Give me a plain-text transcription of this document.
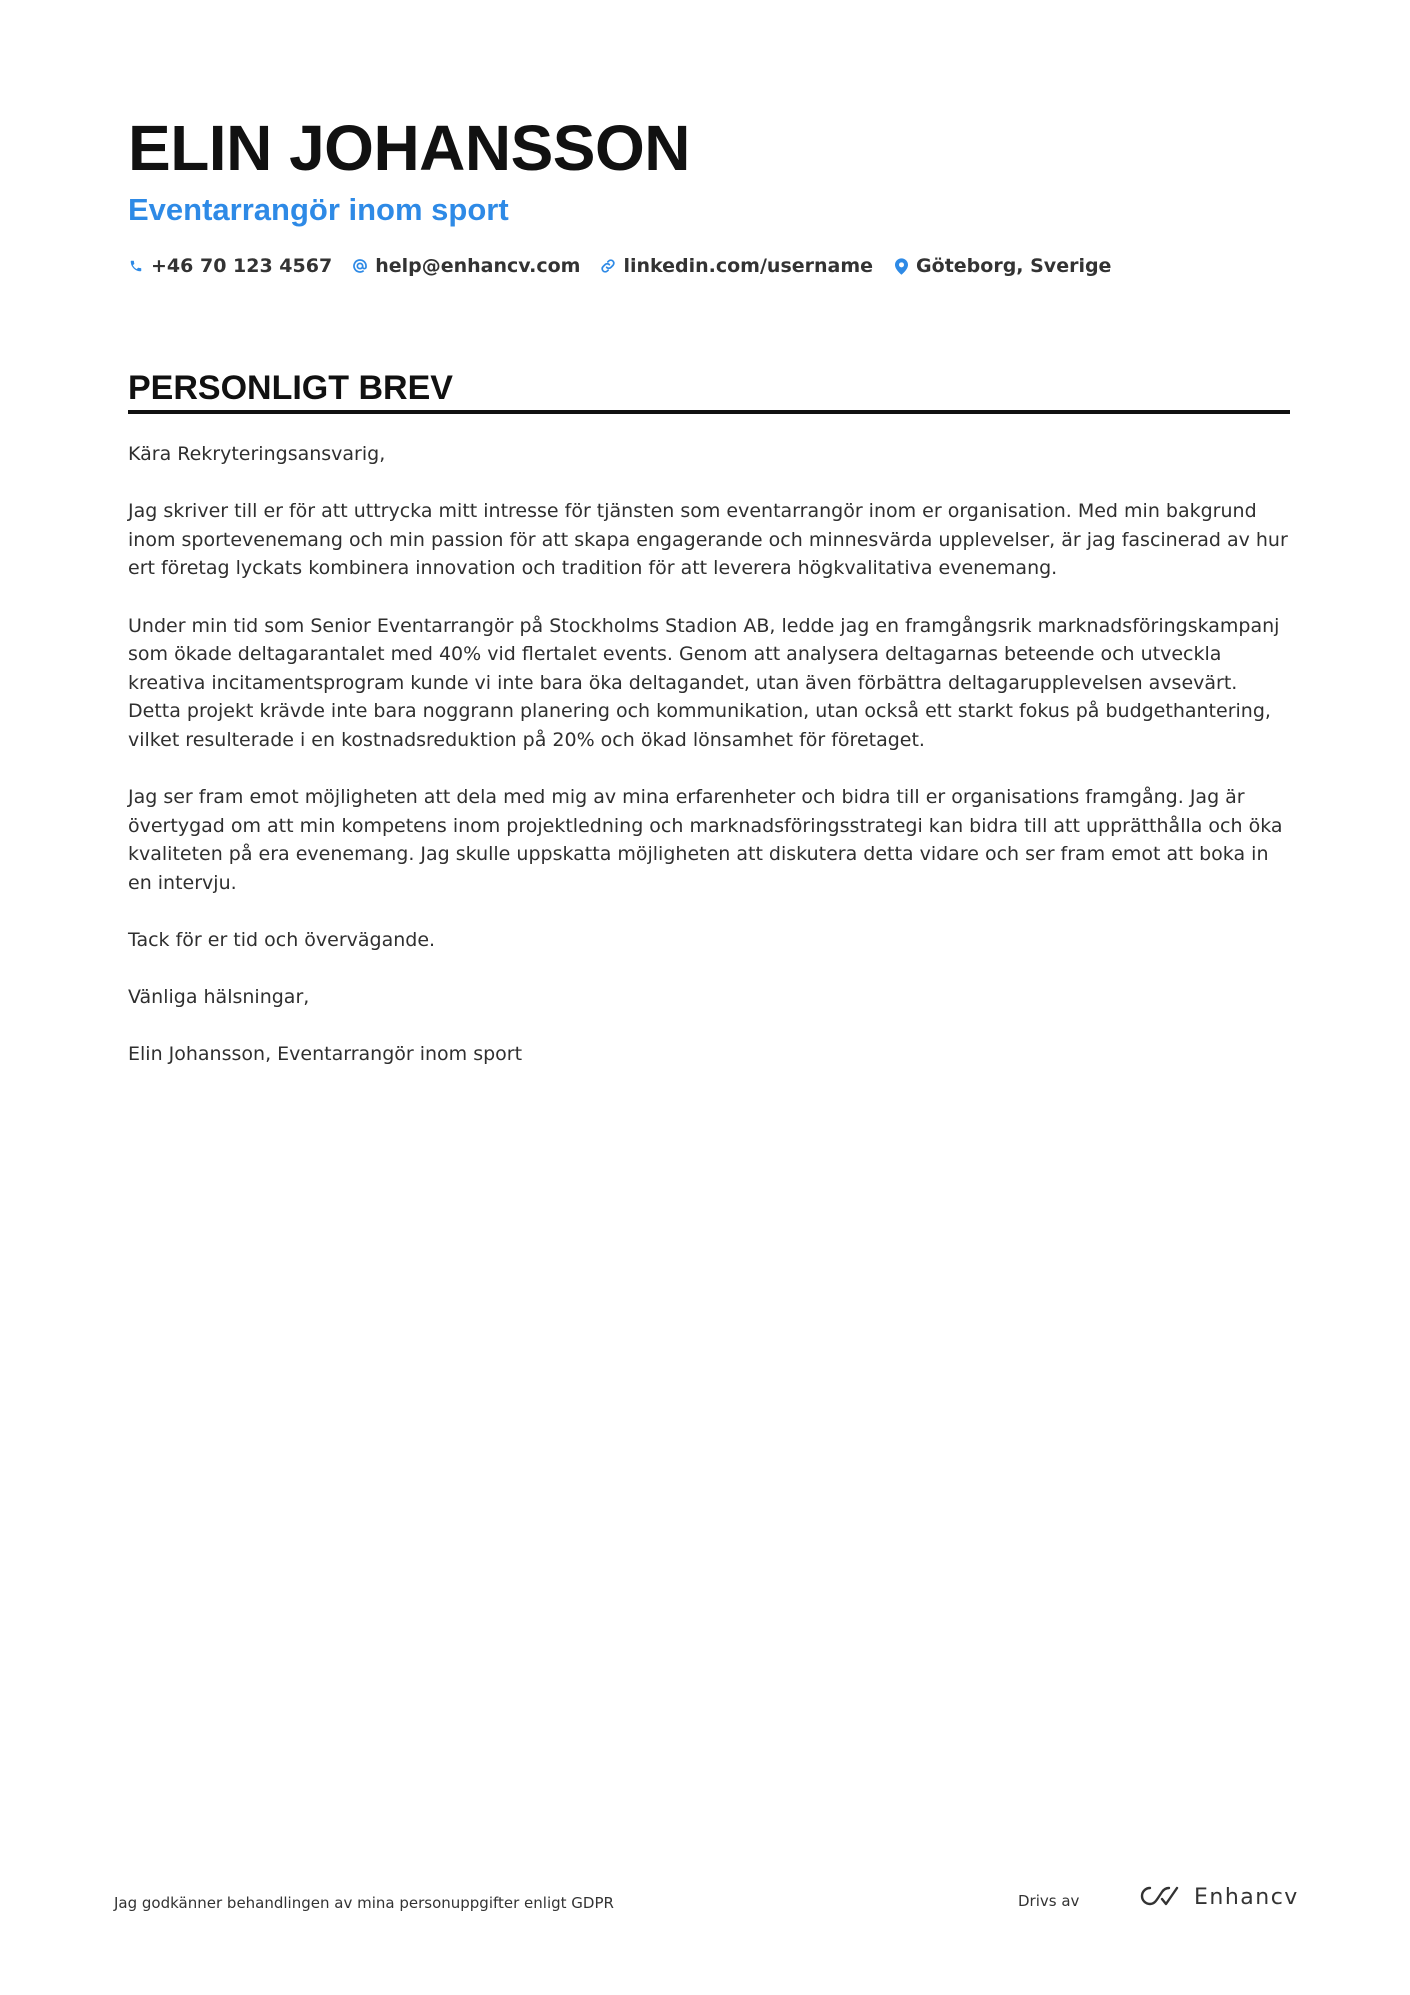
ELIN JOHANSSON
Eventarrangör inom sport
+46 70 123 4567 help@enhancv.com linkedin.com/username Göteborg, Sverige
PERSONLIGT BREV

Kära Rekryteringsansvarig,

Jag skriver till er för att uttrycka mitt intresse för tjänsten som eventarrangör inom er organisation. Med min bakgrund inom sportevenemang och min passion för att skapa engagerande och minnesvärda upplevelser, är jag fascinerad av hur ert företag lyckats kombinera innovation och tradition för att leverera högkvalitativa evenemang.

Under min tid som Senior Eventarrangör på Stockholms Stadion AB, ledde jag en framgångsrik marknadsföringskampanj som ökade deltagarantalet med 40% vid flertalet events. Genom att analysera deltagarnas beteende och utveckla kreativa incitamentsprogram kunde vi inte bara öka deltagandet, utan även förbättra deltagarupplevelsen avsevärt. Detta projekt krävde inte bara noggrann planering och kommunikation, utan också ett starkt fokus på budgethantering, vilket resulterade i en kostnadsreduktion på 20% och ökad lönsamhet för företaget.

Jag ser fram emot möjligheten att dela med mig av mina erfarenheter och bidra till er organisations framgång. Jag är övertygad om att min kompetens inom projektledning och marknadsföringsstrategi kan bidra till att upprätthålla och öka kvaliteten på era evenemang. Jag skulle uppskatta möjligheten att diskutera detta vidare och ser fram emot att boka in en intervju.

Tack för er tid och övervägande.

Vänliga hälsningar,

Elin Johansson, Eventarrangör inom sport

Jag godkänner behandlingen av mina personuppgifter enligt GDPR	Drivs av	Enhancv
